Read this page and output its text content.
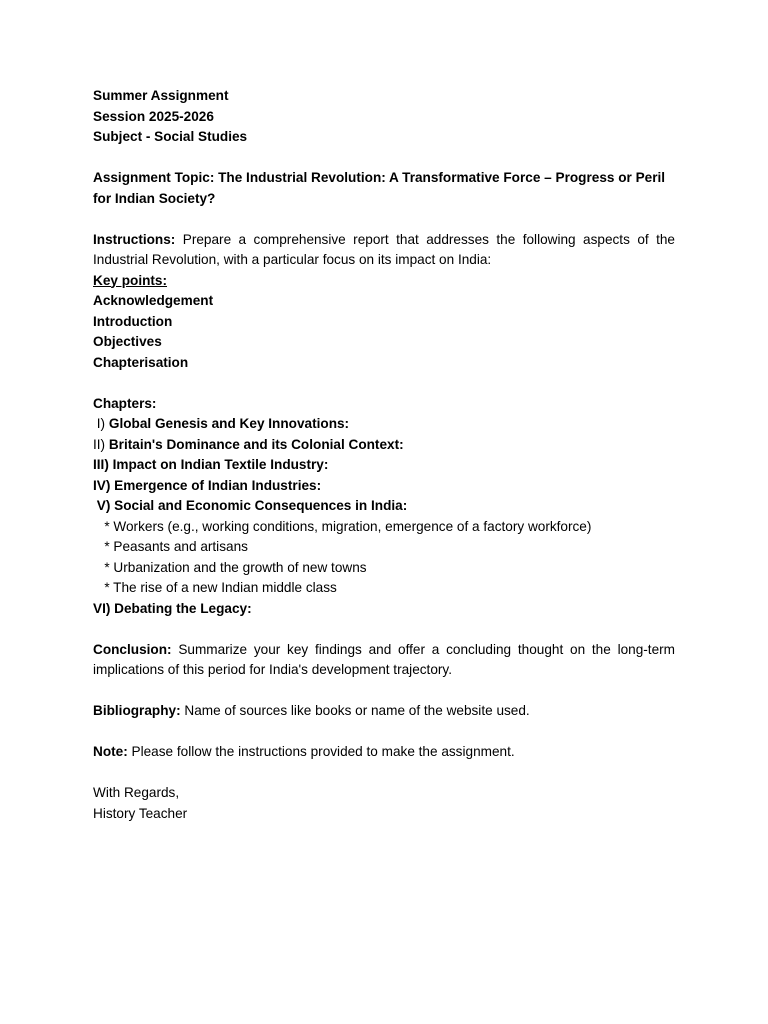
Summer Assignment
Session 2025-2026
Subject - Social Studies
Assignment Topic: The Industrial Revolution: A Transformative Force – Progress or Peril for Indian Society?
Instructions: Prepare a comprehensive report that addresses the following aspects of the Industrial Revolution, with a particular focus on its impact on India:
Key points:
Acknowledgement
Introduction
Objectives
Chapterisation
Chapters:
I) Global Genesis and Key Innovations:
II) Britain's Dominance and its Colonial Context:
III) Impact on Indian Textile Industry:
IV) Emergence of Indian Industries:
V) Social and Economic Consequences in India:
* Workers (e.g., working conditions, migration, emergence of a factory workforce)
* Peasants and artisans
* Urbanization and the growth of new towns
* The rise of a new Indian middle class
VI) Debating the Legacy:
Conclusion: Summarize your key findings and offer a concluding thought on the long-term implications of this period for India's development trajectory.
Bibliography: Name of sources like books or name of the website used.
Note: Please follow the instructions provided to make the assignment.
With Regards,
History Teacher
